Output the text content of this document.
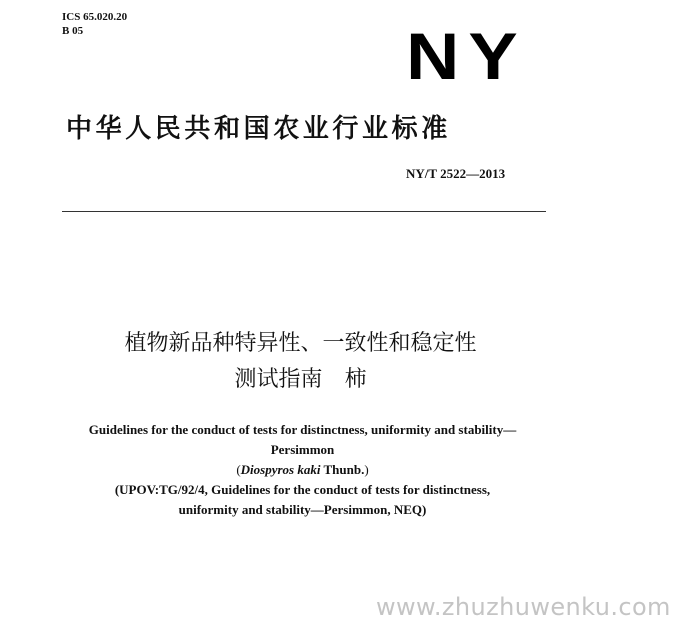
ICS 65.020.20
B 05	NY
中华人民共和国农业行业标准
NY/T 2522—2013
植物新品种特异性、一致性和稳定性
测试指南　柿
Guidelines for the conduct of tests for distinctness, uniformity and stability—
Persimmon
(Diospyros kaki Thunb.)
(UPOV:TG/92/4, Guidelines for the conduct of tests for distinctness,
uniformity and stability—Persimmon, NEQ)
www.zhuzhuwenku.com
